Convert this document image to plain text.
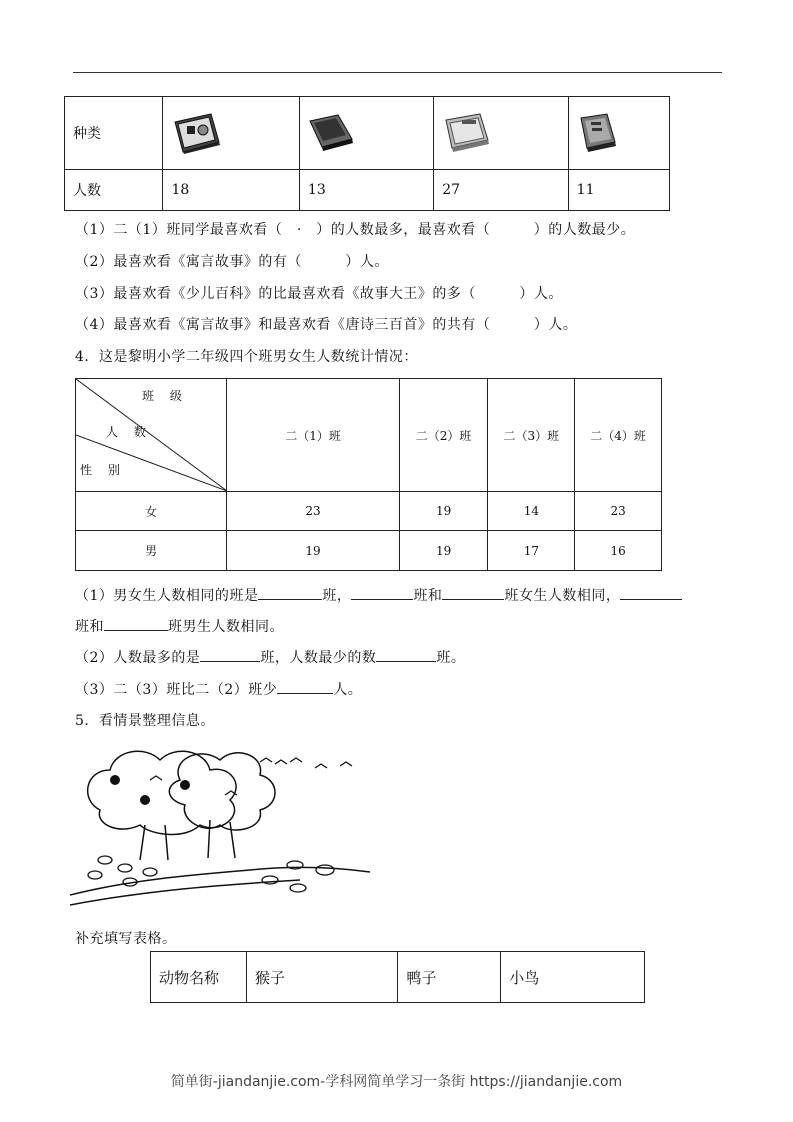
种类	

人数	18	13	27	11
（1）二（1）班同学最喜欢看（　·　）的人数最多，最喜欢看（　　　）的人数最少。
（2）最喜欢看《寓言故事》的有（　　　）人。
（3）最喜欢看《少儿百科》的比最喜欢看《故事大王》的多（　　　）人。
（4）最喜欢看《寓言故事》和最喜欢看《唐诗三百首》的共有（　　　）人。
4．这是黎明小学二年级四个班男女生人数统计情况：
班 级
人 数
性 别	二（1）班	二（2）班	二（3）班	二（4）班
女	23	19	14	23
男	19	19	17	16
（1）男女生人数相同的班是	班，	班和	班女生人数相同，
班和	班男生人数相同。
（2）人数最多的是	班，人数最少的数	班。
（3）二（3）班比二（2）班少	人。
5．看情景整理信息。
补充填写表格。
动物名称	猴子	鸭子	小鸟
简单街-jiandanjie.com-学科网简单学习一条街 https://jiandanjie.com
